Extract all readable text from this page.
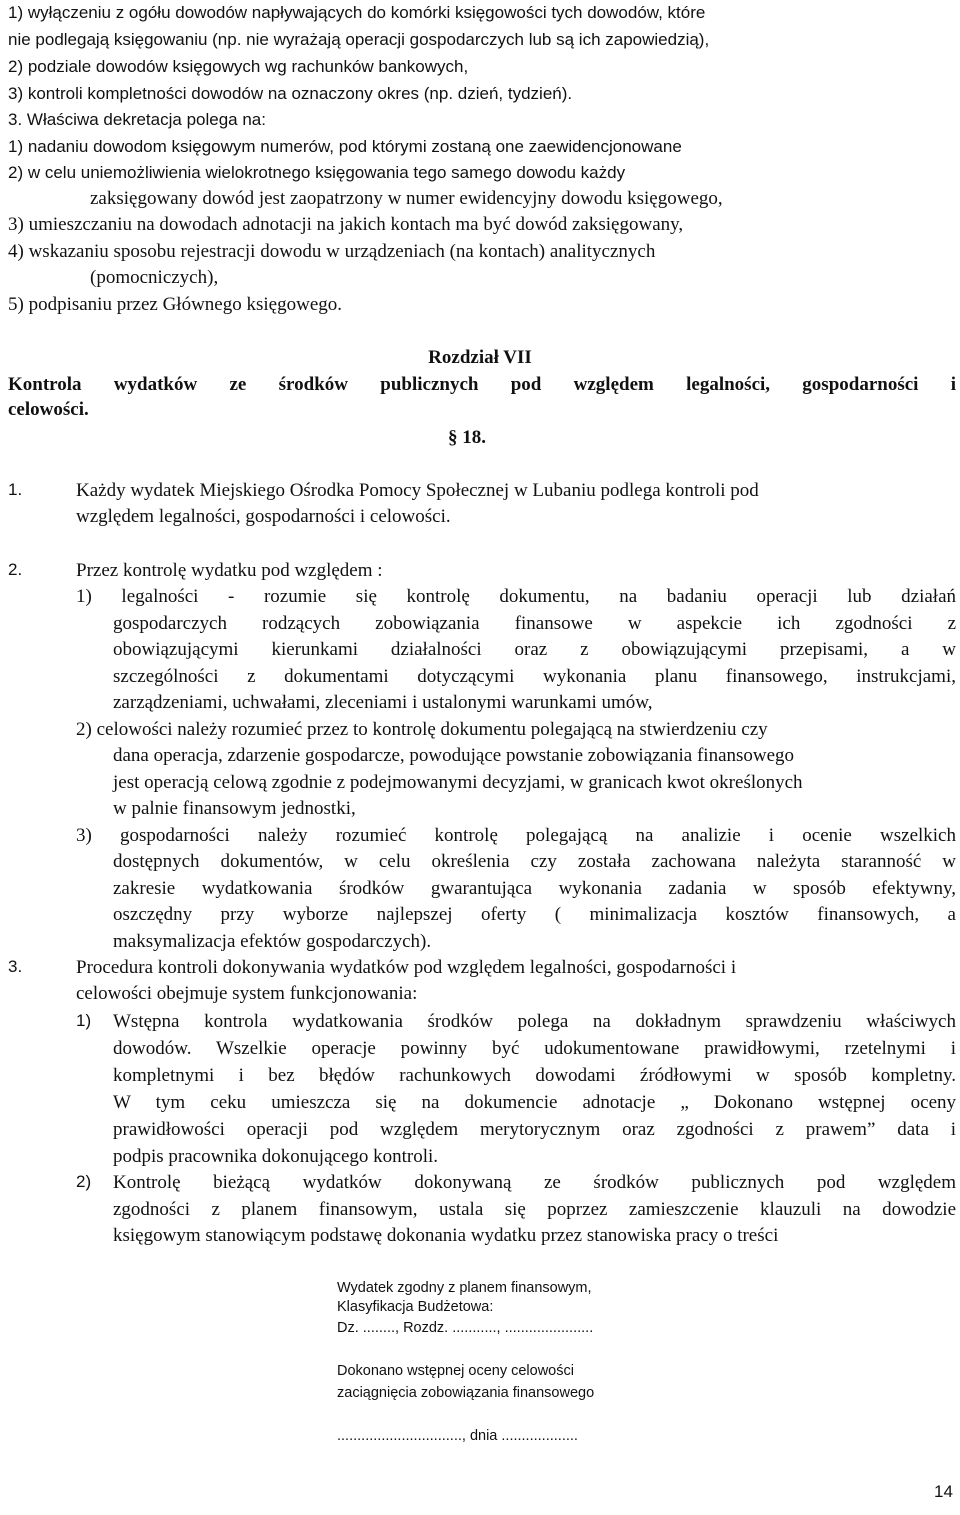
1) wyłączeniu z ogółu dowodów napływających do komórki księgowości tych dowodów, które
nie podlegają księgowaniu (np. nie wyrażają operacji gospodarczych lub są ich zapowiedzią),
2) podziale dowodów księgowych wg rachunków bankowych,
3) kontroli kompletności dowodów na oznaczony okres (np. dzień, tydzień).
3. Właściwa dekretacja polega na:
1) nadaniu dowodom księgowym numerów, pod którymi zostaną one zaewidencjonowane
2) w celu uniemożliwienia wielokrotnego księgowania tego samego dowodu każdy
zaksięgowany dowód jest zaopatrzony w numer ewidencyjny dowodu księgowego,
3) umieszczaniu na dowodach adnotacji na jakich kontach ma być dowód zaksięgowany,
4) wskazaniu sposobu rejestracji dowodu w urządzeniach (na kontach) analitycznych
(pomocniczych),
5) podpisaniu przez Głównego księgowego.
Rozdział VII
Kontrola wydatków ze środków publicznych pod względem legalności, gospodarności i
celowości.
§ 18.
1.	Każdy wydatek Miejskiego Ośrodka Pomocy Społecznej w Lubaniu podlega kontroli pod
względem legalności, gospodarności i celowości.
2.	Przez kontrolę wydatku pod względem :
1) legalności - rozumie się kontrolę dokumentu, na badaniu operacji lub działań
gospodarczych rodzących zobowiązania finansowe w aspekcie ich zgodności z
obowiązującymi kierunkami działalności oraz z obowiązującymi przepisami, a w
szczególności z dokumentami dotyczącymi wykonania planu finansowego, instrukcjami,
zarządzeniami, uchwałami, zleceniami i ustalonymi warunkami umów,
2) celowości należy rozumieć przez to kontrolę dokumentu polegającą na stwierdzeniu czy
dana operacja, zdarzenie gospodarcze, powodujące powstanie zobowiązania finansowego
jest operacją celową zgodnie z podejmowanymi decyzjami, w granicach kwot określonych
w palnie finansowym jednostki,
3) gospodarności należy rozumieć kontrolę polegającą na analizie i ocenie wszelkich
dostępnych dokumentów, w celu określenia czy została zachowana należyta staranność w
zakresie wydatkowania środków gwarantująca wykonania zadania w sposób efektywny,
oszczędny przy wyborze najlepszej oferty ( minimalizacja kosztów finansowych, a
maksymalizacja efektów gospodarczych).
3.	Procedura kontroli dokonywania wydatków pod względem legalności, gospodarności i
celowości obejmuje system funkcjonowania:
1) Wstępna kontrola wydatkowania środków polega na dokładnym sprawdzeniu właściwych
dowodów. Wszelkie operacje powinny być udokumentowane prawidłowymi, rzetelnymi i
kompletnymi i bez błędów rachunkowych dowodami źródłowymi w sposób kompletny.
W tym ceku umieszcza się na dokumencie adnotacje „ Dokonano wstępnej oceny
prawidłowości operacji pod względem merytorycznym oraz zgodności z prawem” data i
podpis pracownika dokonującego kontroli.
2) Kontrolę bieżącą wydatków dokonywaną ze środków publicznych pod względem
zgodności z planem finansowym, ustala się poprzez zamieszczenie klauzuli na dowodzie
księgowym stanowiącym podstawę dokonania wydatku przez stanowiska pracy o treści
Wydatek zgodny z planem finansowym,
Klasyfikacja Budżetowa:
Dz. ........, Rozdz. ..........., ......................
Dokonano wstępnej oceny celowości
zaciągnięcia zobowiązania finansowego
..............................., dnia ...................
14
